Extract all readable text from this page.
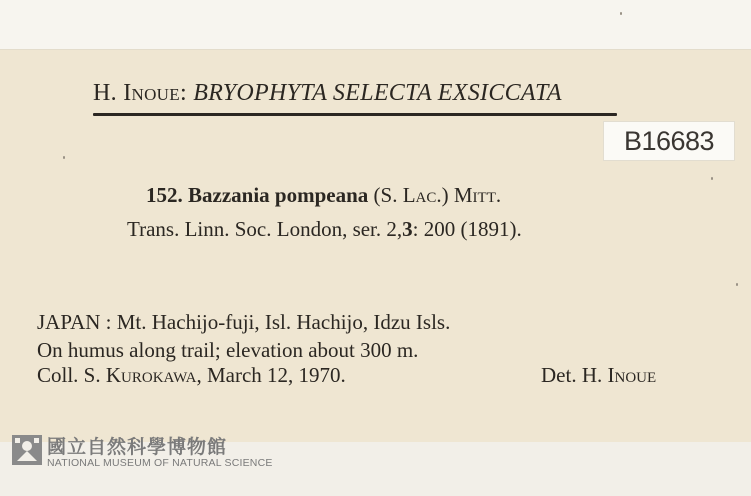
H. Inoue: BRYOPHYTA SELECTA EXSICCATA
B16683
152. Bazzania pompeana (S. Lac.) Mitt.
Trans. Linn. Soc. London, ser. 2,3: 200 (1891).
JAPAN : Mt. Hachijo-fuji, Isl. Hachijo, Idzu Isls.
On humus along trail; elevation about 300 m.
Coll. S. Kurokawa, March 12, 1970.	Det. H. Inoue
國立自然科學博物館
NATIONAL MUSEUM OF NATURAL SCIENCE
